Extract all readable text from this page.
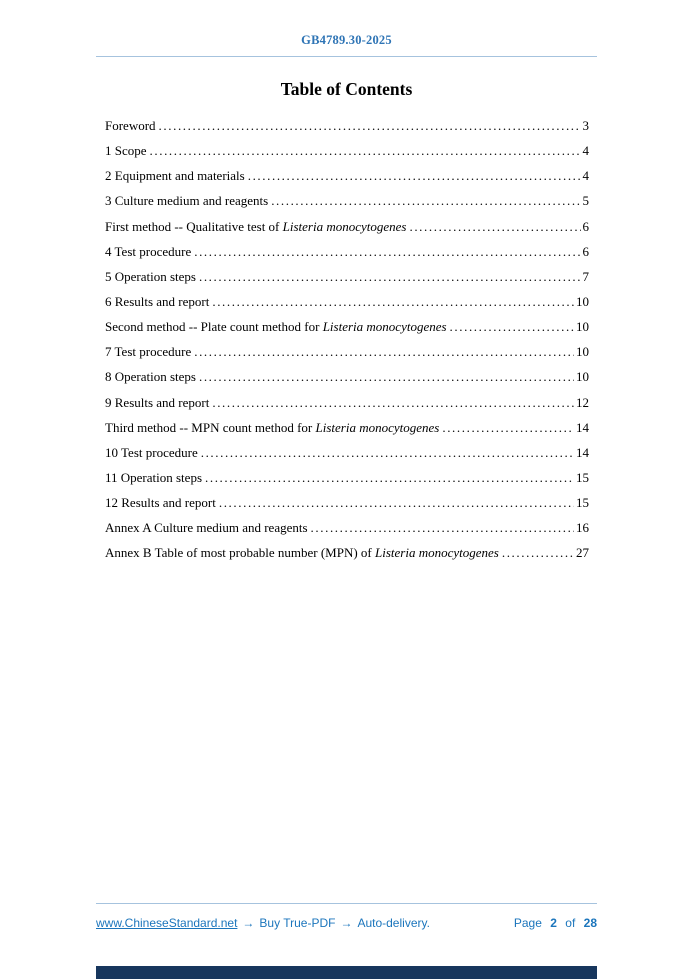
GB4789.30-2025
Table of Contents
Foreword .....	3
1 Scope .....	4
2 Equipment and materials .....	4
3 Culture medium and reagents .....	5
First method -- Qualitative test of Listeria monocytogenes .....	6
4 Test procedure .....	6
5 Operation steps .....	7
6 Results and report .....	10
Second method -- Plate count method for Listeria monocytogenes .....	10
7 Test procedure .....	10
8 Operation steps .....	10
9 Results and report .....	12
Third method -- MPN count method for Listeria monocytogenes .....	14
10 Test procedure .....	14
11 Operation steps .....	15
12 Results and report .....	15
Annex A Culture medium and reagents .....	16
Annex B Table of most probable number (MPN) of Listeria monocytogenes .....	27
www.ChineseStandard.net → Buy True-PDF → Auto-delivery.	Page 2 of 28
